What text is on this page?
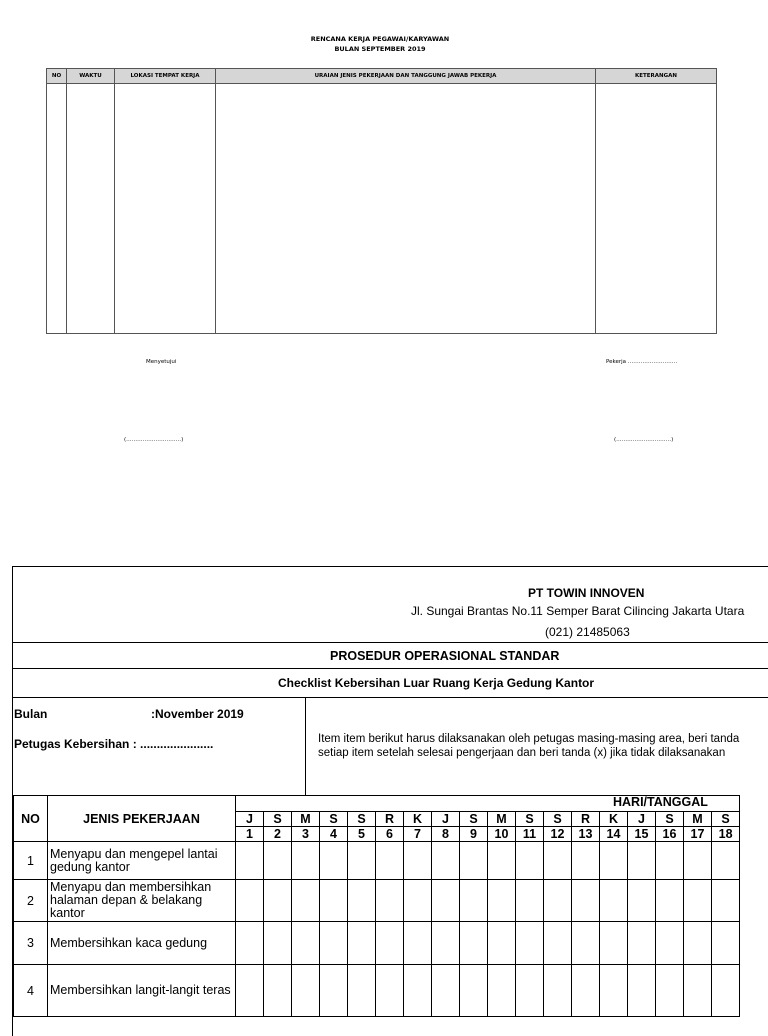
RENCANA KERJA PEGAWAI/KARYAWAN
BULAN SEPTEMBER 2019
NO	WAKTU	LOKASI TEMPAT KERJA	URAIAN JENIS PEKERJAAN DAN TANGGUNG JAWAB PEKERJA	KETERANGAN

Menyetujui	Pekerja ………………………
(…………………………)	(…………………………)
PT TOWIN INNOVEN
Jl. Sungai Brantas No.11 Semper Barat Cilincing Jakarta Utara
(021) 21485063
PROSEDUR OPERASIONAL STANDAR
Checklist Kebersihan Luar Ruang Kerja Gedung Kantor
Bulan	:November 2019
Petugas Kebersihan : ......................	Item item berikut harus dilaksanakan oleh petugas masing-masing area, beri tanda
setiap item setelah selesai pengerjaan dan beri tanda (x) jika tidak dilaksanakan
HARI/TANGGAL
NO	JENIS PEKERJAAN																		
		J	S	M	S	S	R	K	J	S	M	S	S	R	K	J	S	M	S
		1	2	3	4	5	6	7	8	9	10	11	12	13	14	15	16	17	18
1	Menyapu dan mengepel lantai gedung kantor																		

2	Menyapu dan membersihkan halaman depan & belakang kantor																		

3	Membersihkan kaca gedung																		

4	Membersihkan langit-langit teras																		
